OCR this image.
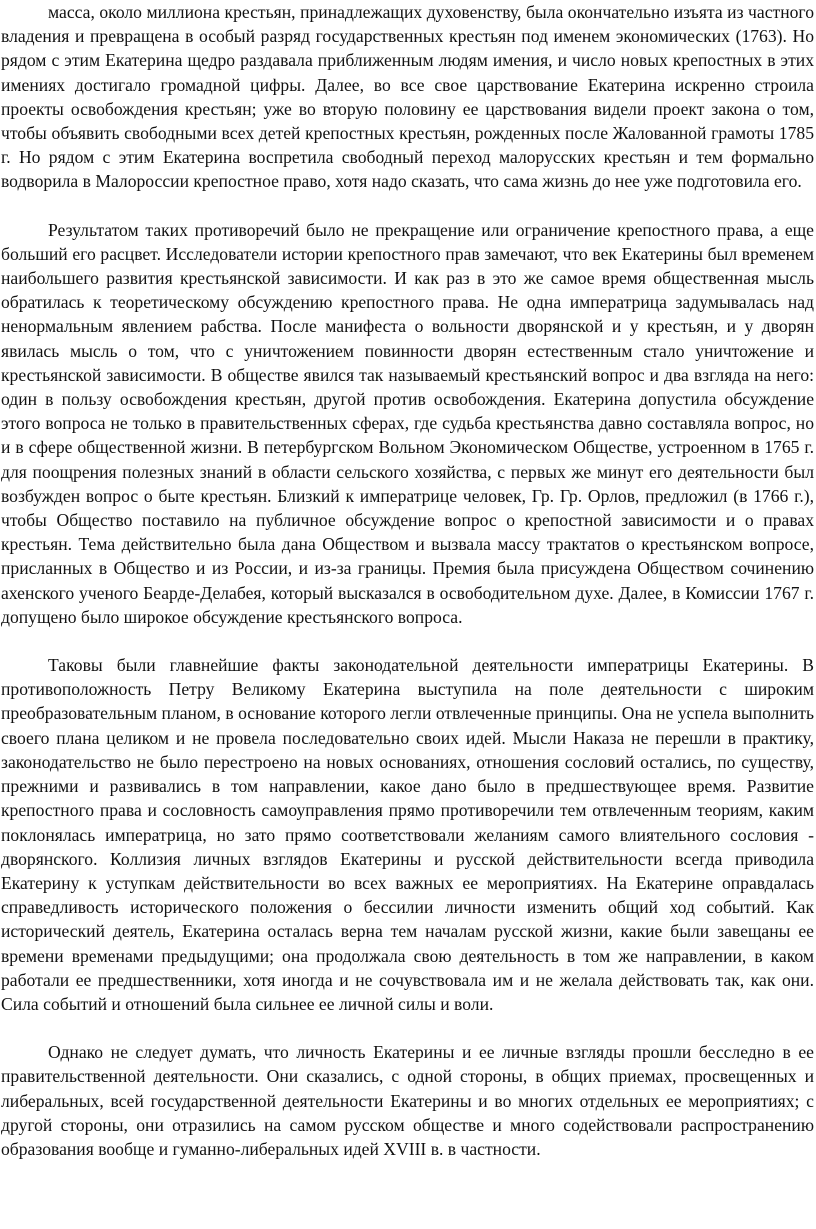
масса, около миллиона крестьян, принадлежащих духовенству, была окончательно изъята из частного владения и превращена в особый разряд государственных крестьян под именем экономических (1763). Но рядом с этим Екатерина щедро раздавала приближенным людям имения, и число новых крепостных в этих имениях достигало громадной цифры. Далее, во все свое царствование Екатерина искренно строила проекты освобождения крестьян; уже во вторую половину ее царствования видели проект закона о том, чтобы объявить свободными всех детей крепостных крестьян, рожденных после Жалованной грамоты 1785 г. Но рядом с этим Екатерина воспретила свободный переход малорусских крестьян и тем формально водворила в Малороссии крепостное право, хотя надо сказать, что сама жизнь до нее уже подготовила его.

Результатом таких противоречий было не прекращение или ограничение крепостного права, а еще больший его расцвет. Исследователи истории крепостного прав замечают, что век Екатерины был временем наибольшего развития крестьянской зависимости. И как раз в это же самое время общественная мысль обратилась к теоретическому обсуждению крепостного права. Не одна императрица задумывалась над ненормальным явлением рабства. После манифеста о вольности дворянской и у крестьян, и у дворян явилась мысль о том, что с уничтожением повинности дворян естественным стало уничтожение и крестьянской зависимости. В обществе явился так называемый крестьянский вопрос и два взгляда на него: один в пользу освобождения крестьян, другой против освобождения. Екатерина допустила обсуждение этого вопроса не только в правительственных сферах, где судьба крестьянства давно составляла вопрос, но и в сфере общественной жизни. В петербургском Вольном Экономическом Обществе, устроенном в 1765 г. для поощрения полезных знаний в области сельского хозяйства, с первых же минут его деятельности был возбужден вопрос о быте крестьян. Близкий к императрице человек, Гр. Гр. Орлов, предложил (в 1766 г.), чтобы Общество поставило на публичное обсуждение вопрос о крепостной зависимости и о правах крестьян. Тема действительно была дана Обществом и вызвала массу трактатов о крестьянском вопросе, присланных в Общество и из России, и из-за границы. Премия была присуждена Обществом сочинению ахенского ученого Беарде-Делабея, который высказался в освободительном духе. Далее, в Комиссии 1767 г. допущено было широкое обсуждение крестьянского вопроса.

Таковы были главнейшие факты законодательной деятельности императрицы Екатерины. В противоположность Петру Великому Екатерина выступила на поле деятельности с широким преобразовательным планом, в основание которого легли отвлеченные принципы. Она не успела выполнить своего плана целиком и не провела последовательно своих идей. Мысли Наказа не перешли в практику, законодательство не было перестроено на новых основаниях, отношения сословий остались, по существу, прежними и развивались в том направлении, какое дано было в предшествующее время. Развитие крепостного права и сословность самоуправления прямо противоречили тем отвлеченным теориям, каким поклонялась императрица, но зато прямо соответствовали желаниям самого влиятельного сословия - дворянского. Коллизия личных взглядов Екатерины и русской действительности всегда приводила Екатерину к уступкам действительности во всех важных ее мероприятиях. На Екатерине оправдалась справедливость исторического положения о бессилии личности изменить общий ход событий. Как исторический деятель, Екатерина осталась верна тем началам русской жизни, какие были завещаны ее времени временами предыдущими; она продолжала свою деятельность в том же направлении, в каком работали ее предшественники, хотя иногда и не сочувствовала им и не желала действовать так, как они. Сила событий и отношений была сильнее ее личной силы и воли.

Однако не следует думать, что личность Екатерины и ее личные взгляды прошли бесследно в ее правительственной деятельности. Они сказались, с одной стороны, в общих приемах, просвещенных и либеральных, всей государственной деятельности Екатерины и во многих отдельных ее мероприятиях; с другой стороны, они отразились на самом русском обществе и много содействовали распространению образования вообще и гуманно-либеральных идей XVIII в. в частности.
